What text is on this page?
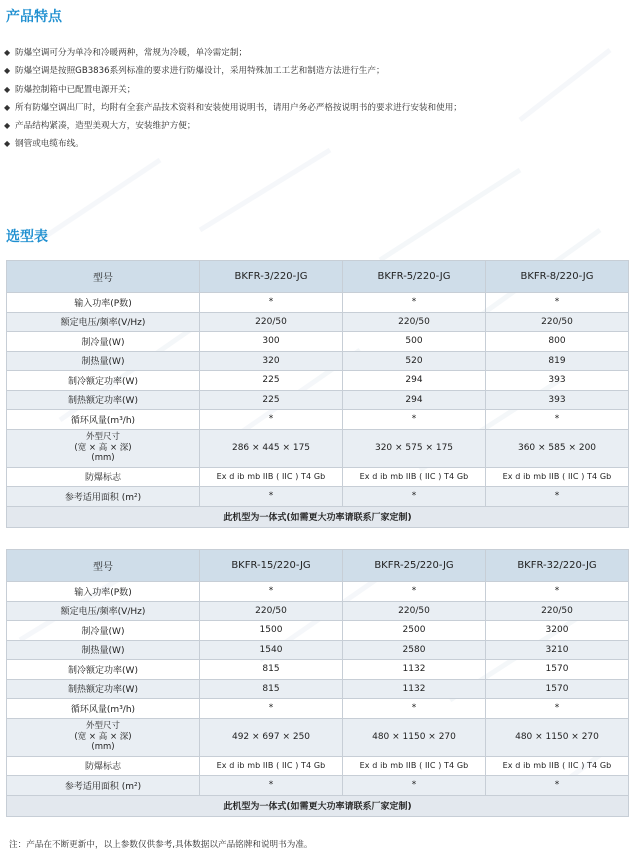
产品特点
◆ 防爆空调可分为单冷和冷暖两种，常规为冷暖，单冷需定制；
◆ 防爆空调是按照GB3836系列标准的要求进行防爆设计，采用特殊加工工艺和制造方法进行生产；
◆ 防爆控制箱中已配置电源开关；
◆ 所有防爆空调出厂时，均附有全套产品技术资料和安装使用说明书，请用户务必严格按说明书的要求进行安装和使用；
◆ 产品结构紧凑，造型美观大方，安装维护方便；
◆ 钢管或电缆布线。
选型表
型号	BKFR-3/220-JG	BKFR-5/220-JG	BKFR-8/220-JG
输入功率(P数)	*	*	*
额定电压/频率(V/Hz)	220/50	220/50	220/50
制冷量(W)	300	500	800
制热量(W)	320	520	819
制冷额定功率(W)	225	294	393
制热额定功率(W)	225	294	393
循环风量(m³/h)	*	*	*

外型尺寸
(宽 × 高 × 深)
(mm)	286 × 445 × 175	320 × 575 × 175	360 × 585 × 200
防爆标志	Ex d ib mb IIB ( IIC ) T4 Gb	Ex d ib mb IIB ( IIC ) T4 Gb	Ex d ib mb IIB ( IIC ) T4 Gb
参考适用面积 (m²)	*	*	*
此机型为一体式(如需更大功率请联系厂家定制)			
型号	BKFR-15/220-JG	BKFR-25/220-JG	BKFR-32/220-JG
输入功率(P数)	*	*	*
额定电压/频率(V/Hz)	220/50	220/50	220/50
制冷量(W)	1500	2500	3200
制热量(W)	1540	2580	3210
制冷额定功率(W)	815	1132	1570
制热额定功率(W)	815	1132	1570
循环风量(m³/h)	*	*	*

外型尺寸
(宽 × 高 × 深)
(mm)	492 × 697 × 250	480 × 1150 × 270	480 × 1150 × 270
防爆标志	Ex d ib mb IIB ( IIC ) T4 Gb	Ex d ib mb IIB ( IIC ) T4 Gb	Ex d ib mb IIB ( IIC ) T4 Gb
参考适用面积 (m²)	*	*	*
此机型为一体式(如需更大功率请联系厂家定制)			
注：产品在不断更新中，以上参数仅供参考,具体数据以产品铭牌和说明书为准。
